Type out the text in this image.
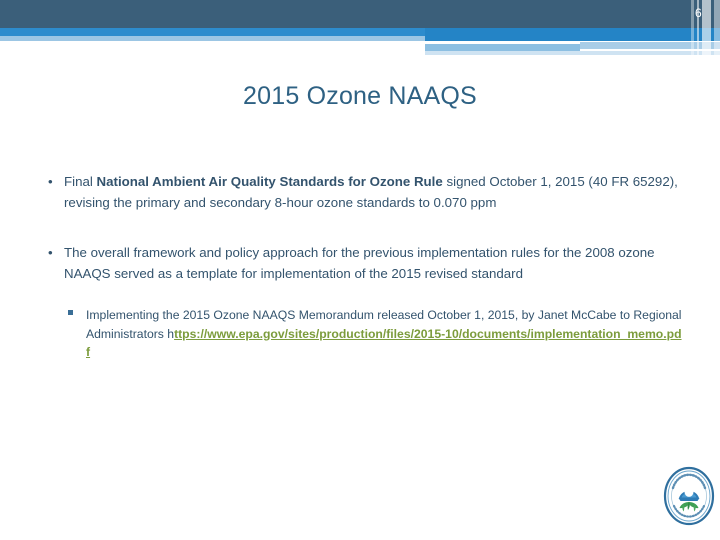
6
2015 Ozone NAAQS
• Final National Ambient Air Quality Standards for Ozone Rule signed October 1, 2015 (40 FR 65292), revising the primary and secondary 8-hour ozone standards to 0.070 ppm
• The overall framework and policy approach for the previous implementation rules for the 2008 ozone NAAQS served as a template for implementation of the 2015 revised standard
Implementing the 2015 Ozone NAAQS Memorandum released October 1, 2015, by Janet McCabe to Regional Administrators https://www.epa.gov/sites/production/files/2015-10/documents/implementation_memo.pdf
